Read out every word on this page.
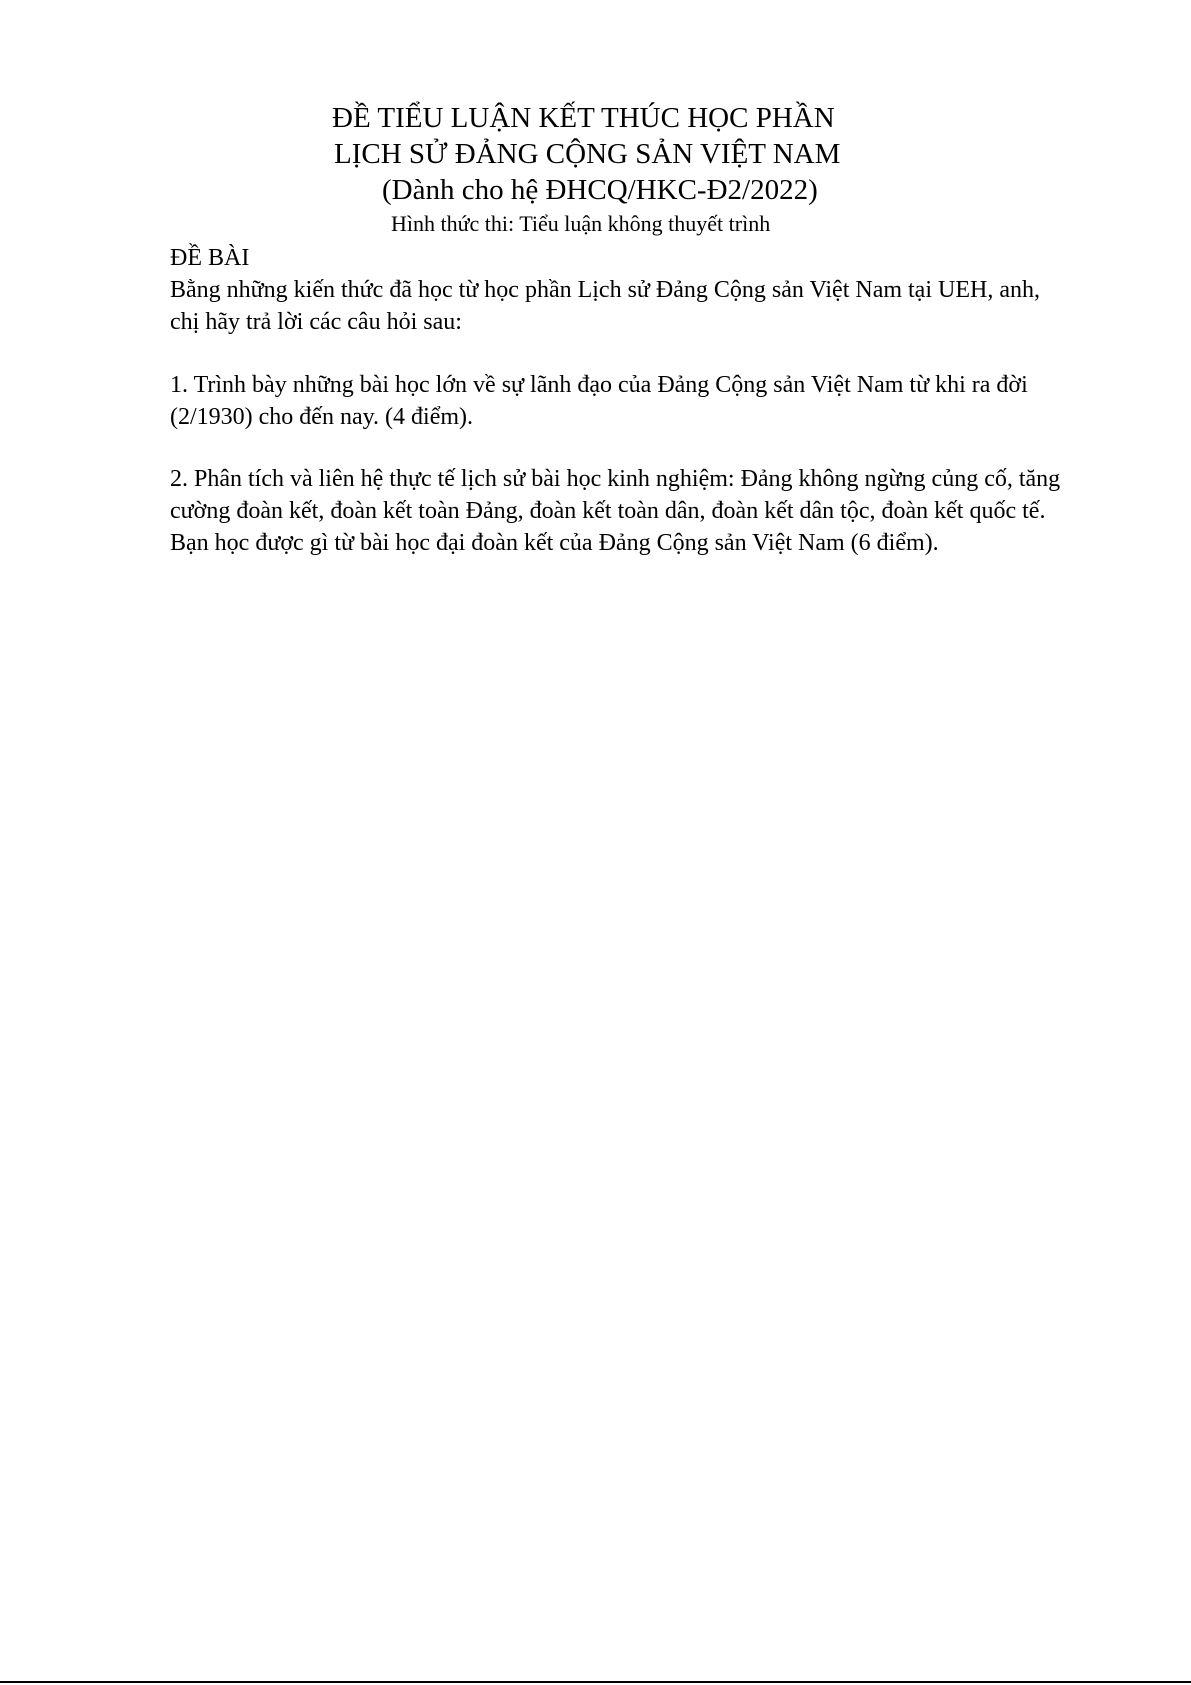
ĐỀ TIỂU LUẬN KẾT THÚC HỌC PHẦN
LỊCH SỬ ĐẢNG CỘNG SẢN VIỆT NAM
(Dành cho hệ ĐHCQ/HKC-Đ2/2022)
Hình thức thi: Tiểu luận không thuyết trình
ĐỀ BÀI
Bằng những kiến thức đã học từ học phần Lịch sử Đảng Cộng sản Việt Nam tại UEH, anh, chị hãy trả lời các câu hỏi sau:
1. Trình bày những bài học lớn về sự lãnh đạo của Đảng Cộng sản Việt Nam từ khi ra đời (2/1930) cho đến nay. (4 điểm).
2. Phân tích và liên hệ thực tế lịch sử bài học kinh nghiệm: Đảng không ngừng củng cố, tăng cường đoàn kết, đoàn kết toàn Đảng, đoàn kết toàn dân, đoàn kết dân tộc, đoàn kết quốc tế. Bạn học được gì từ bài học đại đoàn kết của Đảng Cộng sản Việt Nam (6 điểm).
